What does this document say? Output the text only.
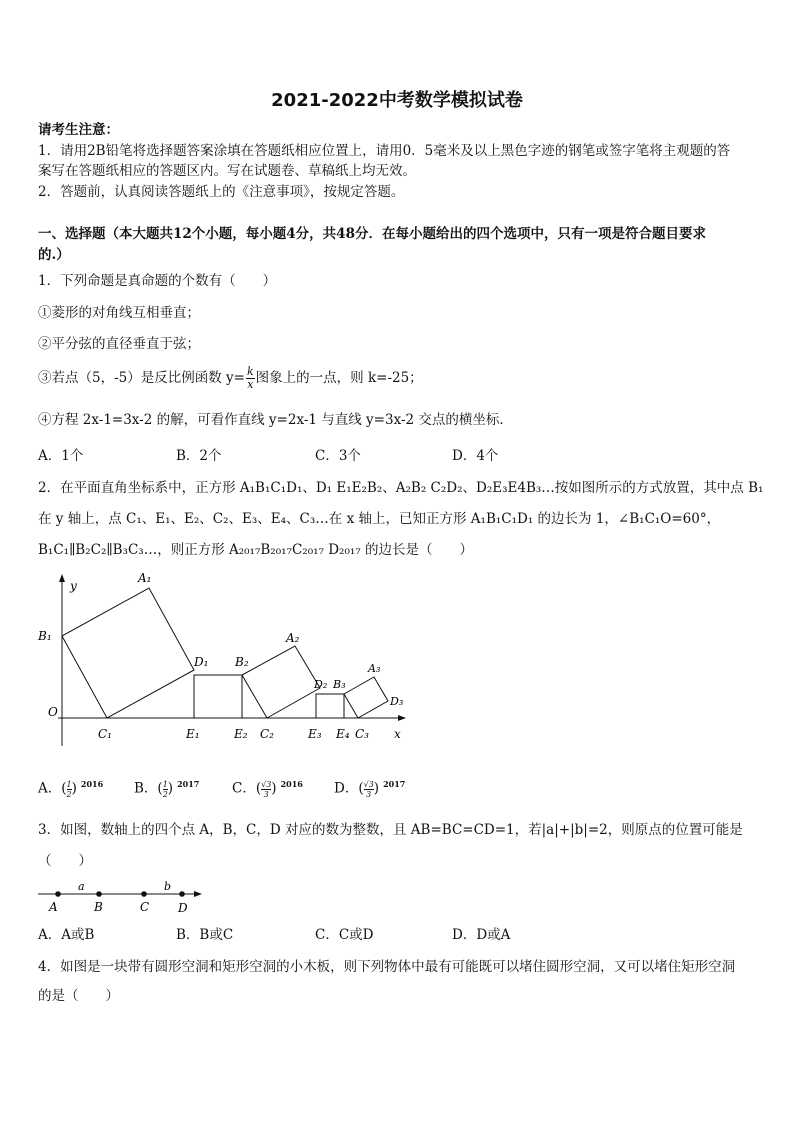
2021-2022中考数学模拟试卷
请考生注意：
1．请用2B铅笔将选择题答案涂填在答题纸相应位置上，请用0．5毫米及以上黑色字迹的钢笔或签字笔将主观题的答
案写在答题纸相应的答题区内。写在试题卷、草稿纸上均无效。
2．答题前，认真阅读答题纸上的《注意事项》，按规定答题。
一、选择题（本大题共12个小题，每小题4分，共48分．在每小题给出的四个选项中，只有一项是符合题目要求
的.）
1．下列命题是真命题的个数有（　　）
①菱形的对角线互相垂直；
②平分弦的直径垂直于弦；
③若点（5，-5）是反比例函数 $y= \frac{k}{x}$ 图象上的一点，则 k=-25；
④方程 2x-1=3x-2 的解，可看作直线 y=2x-1 与直线 y=3x-2 交点的横坐标．
A．1个	B．2个	C．3个	D．4个
2．在平面直角坐标系中，正方形 A₁B₁C₁D₁、D₁ E₁E₂B₂、A₂B₂ C₂D₂、D₂E₃E4B₃…按如图所示的方式放置，其中点 B₁
在 y 轴上，点 C₁、E₁、E₂、C₂、E₃、E₄、C₃…在 x 轴上，已知正方形 A₁B₁C₁D₁ 的边长为 1，∠B₁C₁O=60°，
B₁C₁∥B₂C₂∥B₃C₃…，则正方形 A₂₀₁₇B₂₀₁₇C₂₀₁₇ D₂₀₁₇ 的边长是（　　）
y
x
O
A₁
B₁
C₁
D₁
E₁	E₂
B₂
A₂
C₂
D₂ B₃
E₃ E₄
A₃
C₃
D₃
A．( $\frac{1}{2}$ ) $^{2016}$ B．( $\frac{1}{2}$ ) $^{2017}$ C．( $\frac{√3}{3}$ ) $^{2016}$ D．( $\frac{√3}{3}$ ) $^{2017}$
3．如图，数轴上的四个点 A，B，C，D 对应的数为整数，且 AB=BC=CD=1，若|a|+|b|=2，则原点的位置可能是
（　　）
a	b
A	B	C D
A．A或B	B．B或C	C．C或D	D．D或A
4．如图是一块带有圆形空洞和矩形空洞的小木板，则下列物体中最有可能既可以堵住圆形空洞，又可以堵住矩形空洞
的是（　　）
